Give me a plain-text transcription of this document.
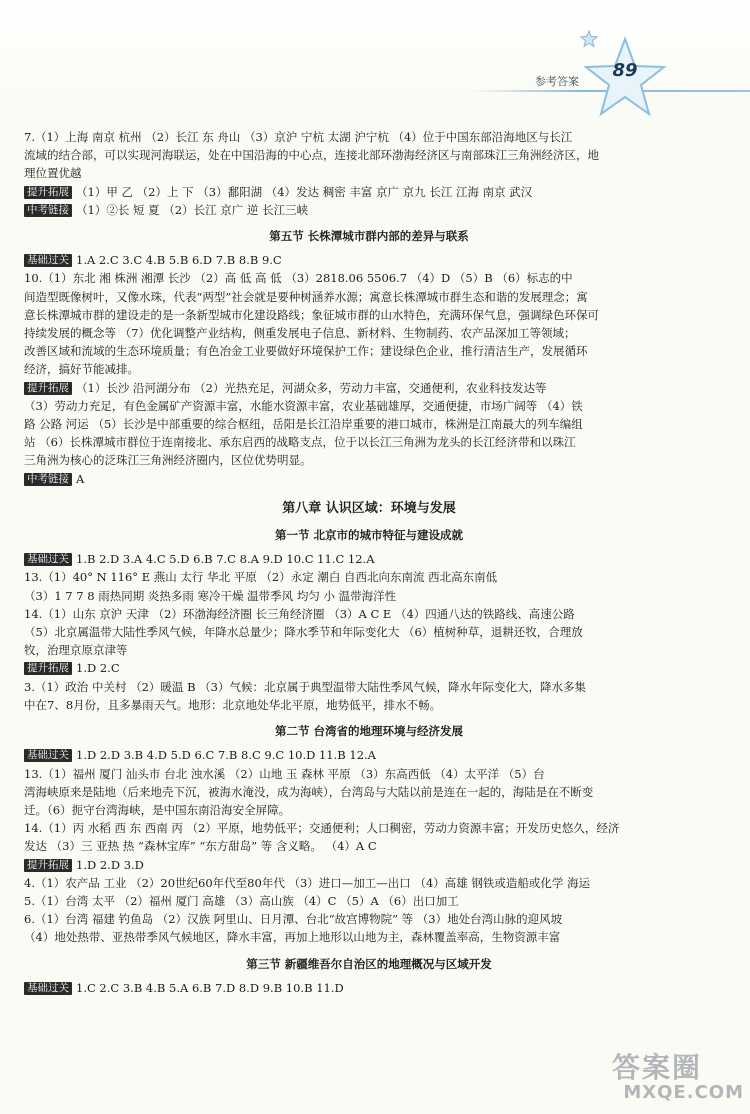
参考答案
89

7.（1）上海 南京 杭州 （2）长江 东 舟山 （3）京沪 宁杭 太湖 沪宁杭 （4）位于中国东部沿海地区与长江

流域的结合部，可以实现河海联运，处在中国沿海的中心点，连接北部环渤海经济区与南部珠江三角洲经济区，地

理位置优越

提升拓展 （1）甲 乙 （2）上 下 （3）鄱阳湖 （4）发达 稠密 丰富 京广 京九 长江 江海 南京 武汉

中考链接 （1）②长 短 夏 （2）长江 京广 逆 长江三峡

第五节 长株潭城市群内部的差异与联系

基础过关 1.A 2.C 3.C 4.B 5.B 6.D 7.B 8.B 9.C

10.（1）东北 湘 株洲 湘潭 长沙 （2）高 低 高 低 （3）2818.06 5506.7 （4）D （5）B （6）标志的中

间造型既像树叶，又像水珠，代表“两型”社会就是要种树涵养水源；寓意长株潭城市群生态和谐的发展理念；寓

意长株潭城市群的建设走的是一条新型城市化建设路线；象征城市群的山水特色，充满环保气息，强调绿色环保可

持续发展的概念等 （7）优化调整产业结构，侧重发展电子信息、新材料、生物制药、农产品深加工等领域；

改善区域和流域的生态环境质量；有色冶金工业要做好环境保护工作；建设绿色企业，推行清洁生产，发展循环

经济，搞好节能减排。

提升拓展 （1）长沙 沿河湖分布 （2）光热充足，河湖众多，劳动力丰富，交通便利，农业科技发达等

（3）劳动力充足，有色金属矿产资源丰富，水能水资源丰富，农业基础雄厚，交通便捷，市场广阔等 （4）铁

路 公路 河运 （5）长沙是中部重要的综合枢纽，岳阳是长江沿岸重要的港口城市，株洲是江南最大的列车编组

站 （6）长株潭城市群位于连南接北、承东启西的战略支点，位于以长江三角洲为龙头的长江经济带和以珠江

三角洲为核心的泛珠江三角洲经济圈内，区位优势明显。

中考链接 A

第八章 认识区域：环境与发展
第一节 北京市的城市特征与建设成就

基础过关 1.B 2.D 3.A 4.C 5.D 6.B 7.C 8.A 9.D 10.C 11.C 12.A

13.（1）40° N 116° E 燕山 太行 华北 平原 （2）永定 潮白 自西北向东南流 西北高东南低

（3）1 7 7 8 雨热同期 炎热多雨 寒冷干燥 温带季风 均匀 小 温带海洋性

14.（1）山东 京沪 天津 （2）环渤海经济圈 长三角经济圈 （3）A C E （4）四通八达的铁路线、高速公路

（5）北京属温带大陆性季风气候，年降水总量少；降水季节和年际变化大 （6）植树种草，退耕还牧，合理放

牧，治理京原京津等

提升拓展 1.D 2.C

3.（1）政治 中关村 （2）暖温 B （3）气候：北京属于典型温带大陆性季风气候，降水年际变化大，降水多集

中在7、8月份，且多暴雨天气。地形：北京地处华北平原，地势低平，排水不畅。

第二节 台湾省的地理环境与经济发展

基础过关 1.D 2.D 3.B 4.D 5.D 6.C 7.B 8.C 9.C 10.D 11.B 12.A

13.（1）福州 厦门 汕头市 台北 浊水溪 （2）山地 玉 森林 平原 （3）东高西低 （4）太平洋 （5）台

湾海峡原来是陆地（后来地壳下沉，被海水淹没，成为海峡），台湾岛与大陆以前是连在一起的，海陆是在不断变

迁。（6）扼守台湾海峡，是中国东南沿海安全屏障。

14.（1）丙 水稻 西 东 西南 丙 （2）平原，地势低平；交通便利；人口稠密，劳动力资源丰富；开发历史悠久，经济

发达 （3）三 亚热 热 “森林宝库” “东方甜岛” 等 含义略。 （4）A C

提升拓展 1.D 2.D 3.D

4.（1）农产品 工业 （2）20世纪60年代至80年代 （3）进口—加工—出口 （4）高雄 钢铁或造船或化学 海运

5.（1）台湾 太平 （2）福州 厦门 高雄 （3）高山族 （4）C （5）A （6）出口加工

6.（1）台湾 福建 钓鱼岛 （2）汉族 阿里山、日月潭、台北“故宫博物院” 等 （3）地处台湾山脉的迎风坡

（4）地处热带、亚热带季风气候地区，降水丰富，再加上地形以山地为主，森林覆盖率高，生物资源丰富

第三节 新疆维吾尔自治区的地理概况与区域开发

基础过关 1.C 2.C 3.B 4.B 5.A 6.B 7.D 8.D 9.B 10.B 11.D

答案圈
MXQE.COM
